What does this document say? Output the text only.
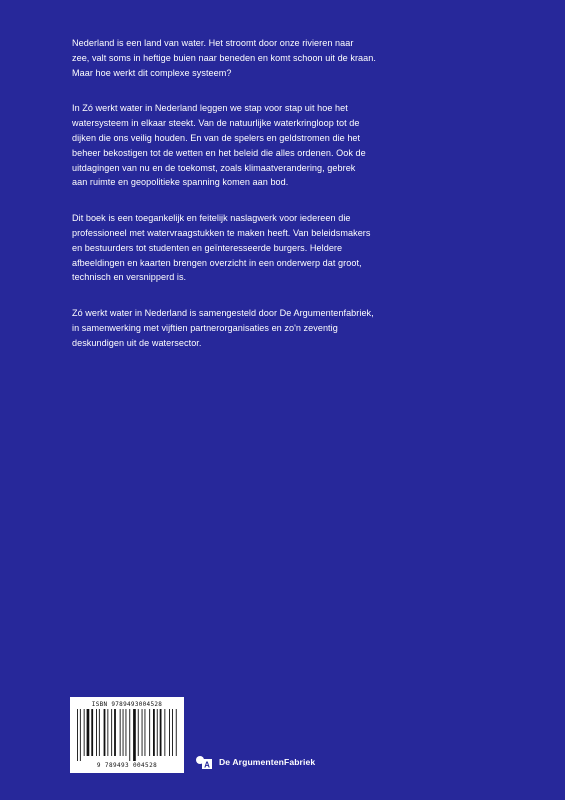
Nederland is een land van water. Het stroomt door onze rivieren naar
zee, valt soms in heftige buien naar beneden en komt schoon uit de kraan.
Maar hoe werkt dit complexe systeem?

In Zó werkt water in Nederland leggen we stap voor stap uit hoe het
watersysteem in elkaar steekt. Van de natuurlijke waterkringloop tot de
dijken die ons veilig houden. En van de spelers en geldstromen die het
beheer bekostigen tot de wetten en het beleid die alles ordenen. Ook de
uitdagingen van nu en de toekomst, zoals klimaatverandering, gebrek
aan ruimte en geopolitieke spanning komen aan bod.

Dit boek is een toegankelijk en feitelijk naslagwerk voor iedereen die
professioneel met watervraagstukken te maken heeft. Van beleidsmakers
en bestuurders tot studenten en geïnteresseerde burgers. Heldere
afbeeldingen en kaarten brengen overzicht in een onderwerp dat groot,
technisch en versnipperd is.

Zó werkt water in Nederland is samengesteld door De Argumentenfabriek,
in samenwerking met vijftien partnerorganisaties en zo'n zeventig
deskundigen uit de watersector.

ISBN 9789493004528
9 789493 004528	A De ArgumentenFabriek
